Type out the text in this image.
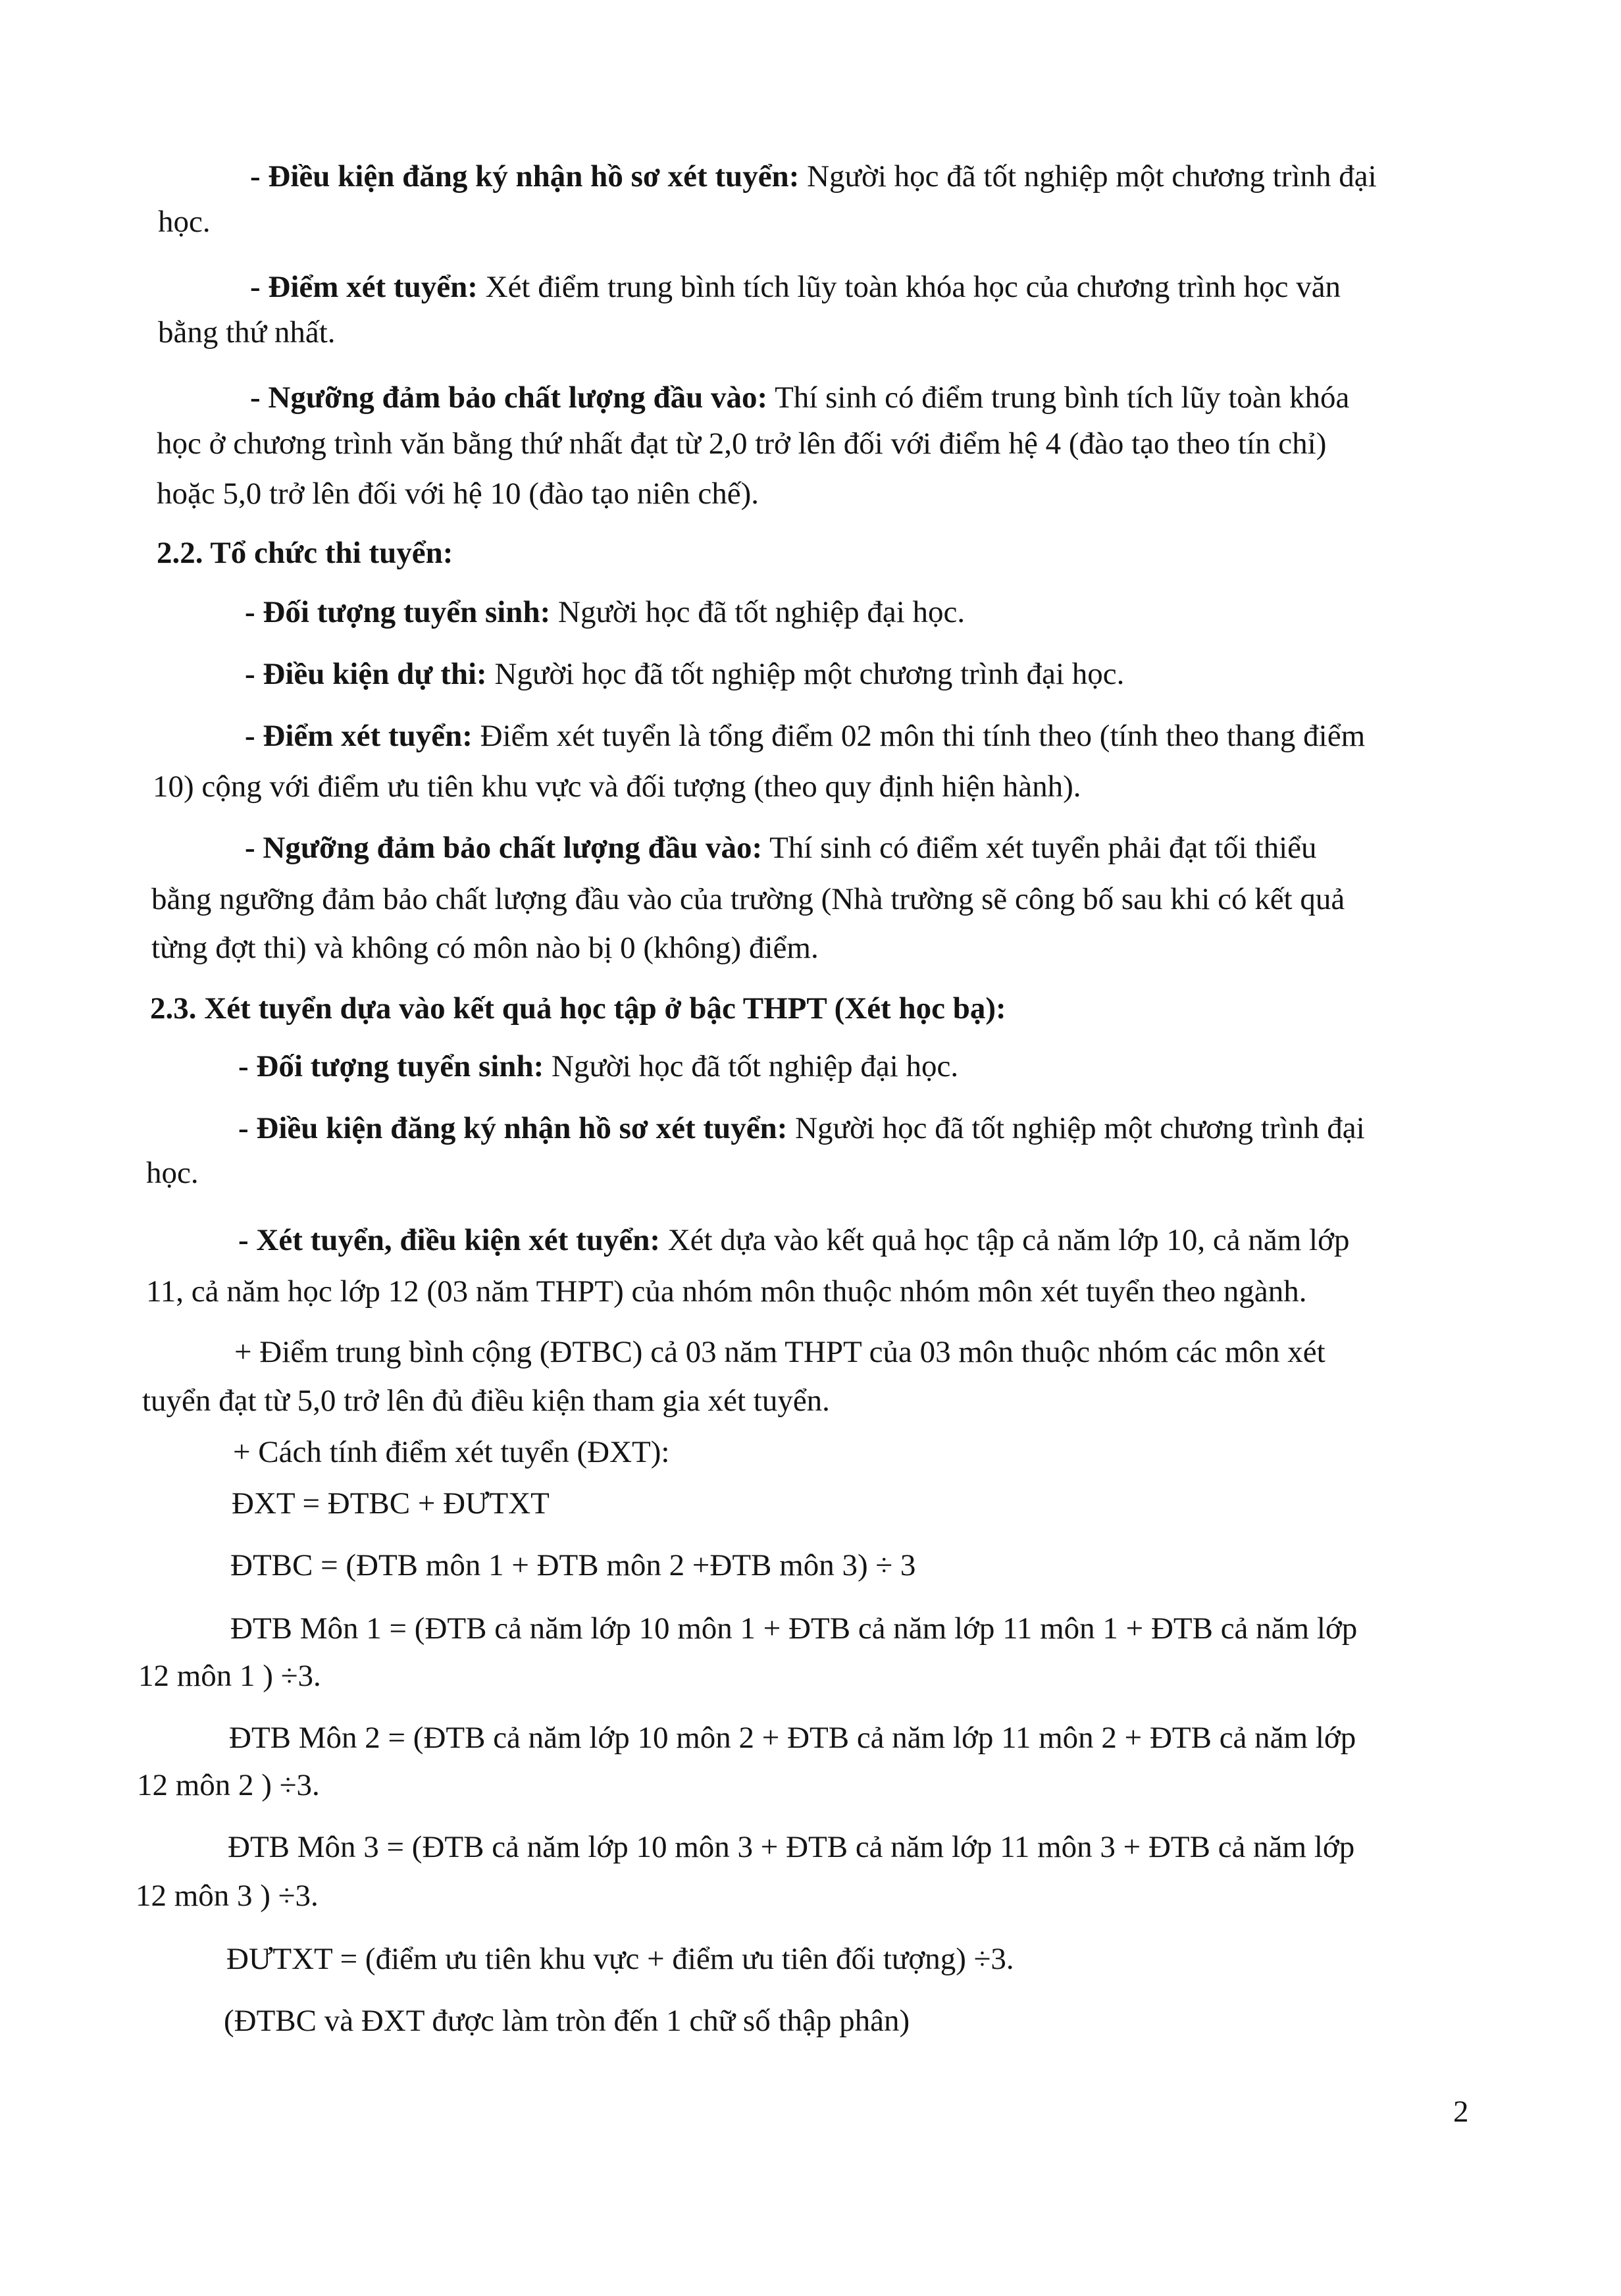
- Điều kiện đăng ký nhận hồ sơ xét tuyển: Người học đã tốt nghiệp một chương trình đại
học.
- Điểm xét tuyển: Xét điểm trung bình tích lũy toàn khóa học của chương trình học văn
bằng thứ nhất.
- Ngưỡng đảm bảo chất lượng đầu vào: Thí sinh có điểm trung bình tích lũy toàn khóa
học ở chương trình văn bằng thứ nhất đạt từ 2,0 trở lên đối với điểm hệ 4 (đào tạo theo tín chỉ)
hoặc 5,0 trở lên đối với hệ 10 (đào tạo niên chế).
2.2. Tổ chức thi tuyển:
- Đối tượng tuyển sinh: Người học đã tốt nghiệp đại học.
- Điều kiện dự thi: Người học đã tốt nghiệp một chương trình đại học.
- Điểm xét tuyển: Điểm xét tuyển là tổng điểm 02 môn thi tính theo (tính theo thang điểm
10) cộng với điểm ưu tiên khu vực và đối tượng (theo quy định hiện hành).
- Ngưỡng đảm bảo chất lượng đầu vào: Thí sinh có điểm xét tuyển phải đạt tối thiểu
bằng ngưỡng đảm bảo chất lượng đầu vào của trường (Nhà trường sẽ công bố sau khi có kết quả
từng đợt thi) và không có môn nào bị 0 (không) điểm.
2.3. Xét tuyển dựa vào kết quả học tập ở bậc THPT (Xét học bạ):
- Đối tượng tuyển sinh: Người học đã tốt nghiệp đại học.
- Điều kiện đăng ký nhận hồ sơ xét tuyển: Người học đã tốt nghiệp một chương trình đại
học.
- Xét tuyển, điều kiện xét tuyển: Xét dựa vào kết quả học tập cả năm lớp 10, cả năm lớp
11, cả năm học lớp 12 (03 năm THPT) của nhóm môn thuộc nhóm môn xét tuyển theo ngành.
+ Điểm trung bình cộng (ĐTBC) cả 03 năm THPT của 03 môn thuộc nhóm các môn xét
tuyển đạt từ 5,0 trở lên đủ điều kiện tham gia xét tuyển.
+ Cách tính điểm xét tuyển (ĐXT):
ĐXT = ĐTBC + ĐƯTXT
ĐTBC = (ĐTB môn 1 + ĐTB môn 2 +ĐTB môn 3) ÷ 3
ĐTB Môn 1 = (ĐTB cả năm lớp 10 môn 1 + ĐTB cả năm lớp 11 môn 1 + ĐTB cả năm lớp
12 môn 1 ) ÷3.
ĐTB Môn 2 = (ĐTB cả năm lớp 10 môn 2 + ĐTB cả năm lớp 11 môn 2 + ĐTB cả năm lớp
12 môn 2 ) ÷3.
ĐTB Môn 3 = (ĐTB cả năm lớp 10 môn 3 + ĐTB cả năm lớp 11 môn 3 + ĐTB cả năm lớp
12 môn 3 ) ÷3.
ĐƯTXT = (điểm ưu tiên khu vực + điểm ưu tiên đối tượng) ÷3.
(ĐTBC và ĐXT được làm tròn đến 1 chữ số thập phân)
2
